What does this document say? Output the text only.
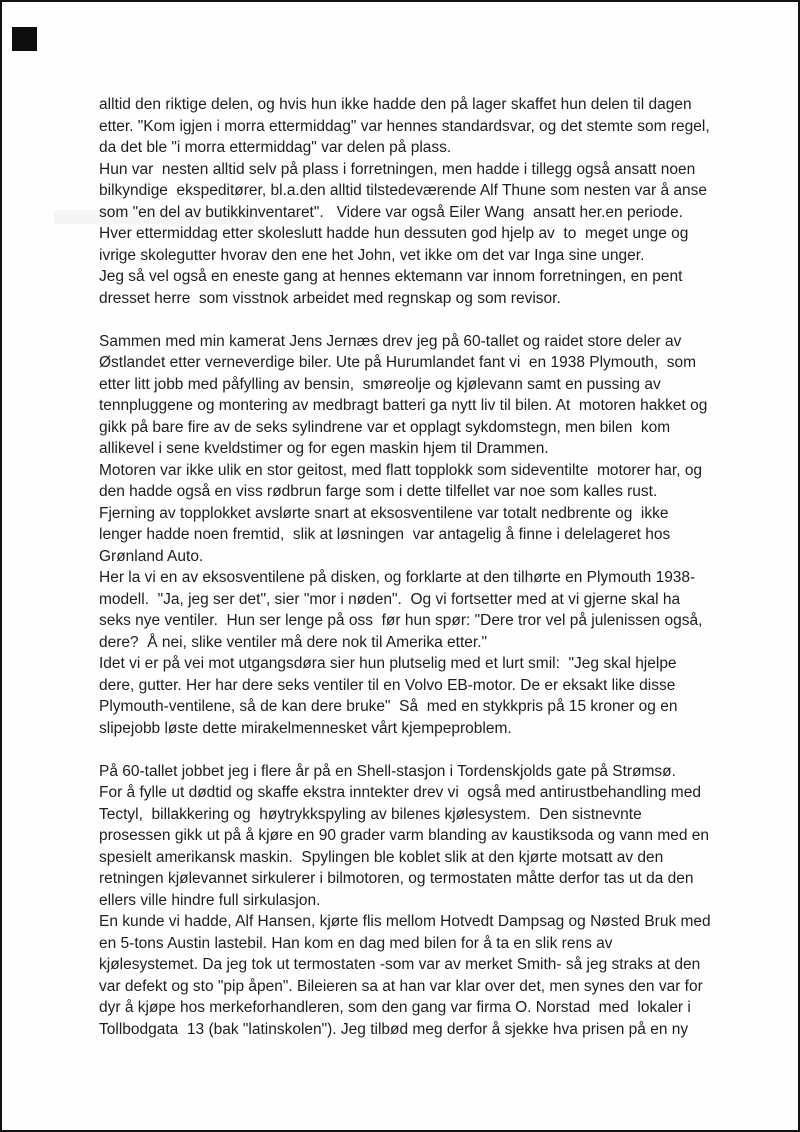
alltid den riktige delen, og hvis hun ikke hadde den på lager skaffet hun delen til dagen
etter. "Kom igjen i morra ettermiddag" var hennes standardsvar, og det stemte som regel,
da det ble "i morra ettermiddag" var delen på plass.
Hun var  nesten alltid selv på plass i forretningen, men hadde i tillegg også ansatt noen
bilkyndige  ekspeditører, bl.a.den alltid tilstedeværende Alf Thune som nesten var å anse
som "en del av butikkinventaret".   Videre var også Eiler Wang  ansatt her.en periode.
Hver ettermiddag etter skoleslutt hadde hun dessuten god hjelp av  to  meget unge og
ivrige skolegutter hvorav den ene het John, vet ikke om det var Inga sine unger.
Jeg så vel også en eneste gang at hennes ektemann var innom forretningen, en pent
dresset herre  som visstnok arbeidet med regnskap og som revisor.
Sammen med min kamerat Jens Jernæs drev jeg på 60-tallet og raidet store deler av
Østlandet etter verneverdige biler. Ute på Hurumlandet fant vi  en 1938 Plymouth,  som
etter litt jobb med påfylling av bensin,  smøreolje og kjølevann samt en pussing av
tennpluggene og montering av medbragt batteri ga nytt liv til bilen. At  motoren hakket og
gikk på bare fire av de seks sylindrene var et opplagt sykdomstegn, men bilen  kom
allikevel i sene kveldstimer og for egen maskin hjem til Drammen.
Motoren var ikke ulik en stor geitost, med flatt topplokk som sideventilte  motorer har, og
den hadde også en viss rødbrun farge som i dette tilfellet var noe som kalles rust.
Fjerning av topplokket avslørte snart at eksosventilene var totalt nedbrente og  ikke
lenger hadde noen fremtid,  slik at løsningen  var antagelig å finne i delelageret hos
Grønland Auto.
Her la vi en av eksosventilene på disken, og forklarte at den tilhørte en Plymouth 1938-
modell.  "Ja, jeg ser det", sier "mor i nøden".  Og vi fortsetter med at vi gjerne skal ha
seks nye ventiler.  Hun ser lenge på oss  før hun spør: "Dere tror vel på julenissen også,
dere?  Å nei, slike ventiler må dere nok til Amerika etter."
Idet vi er på vei mot utgangsdøra sier hun plutselig med et lurt smil:  "Jeg skal hjelpe
dere, gutter. Her har dere seks ventiler til en Volvo EB-motor. De er eksakt like disse
Plymouth-ventilene, så de kan dere bruke"  Så  med en stykkpris på 15 kroner og en
slipejobb løste dette mirakelmennesket vårt kjempeproblem.
På 60-tallet jobbet jeg i flere år på en Shell-stasjon i Tordenskjolds gate på Strømsø.
For å fylle ut dødtid og skaffe ekstra inntekter drev vi  også med antirustbehandling med
Tectyl,  billakkering og  høytrykkspyling av bilenes kjølesystem.  Den sistnevnte
prosessen gikk ut på å kjøre en 90 grader varm blanding av kaustiksoda og vann med en
spesielt amerikansk maskin.  Spylingen ble koblet slik at den kjørte motsatt av den
retningen kjølevannet sirkulerer i bilmotoren, og termostaten måtte derfor tas ut da den
ellers ville hindre full sirkulasjon.
En kunde vi hadde, Alf Hansen, kjørte flis mellom Hotvedt Dampsag og Nøsted Bruk med
en 5-tons Austin lastebil. Han kom en dag med bilen for å ta en slik rens av
kjølesystemet. Da jeg tok ut termostaten -som var av merket Smith- så jeg straks at den
var defekt og sto "pip åpen". Bileieren sa at han var klar over det, men synes den var for
dyr å kjøpe hos merkeforhandleren, som den gang var firma O. Norstad  med  lokaler i
Tollbodgata  13 (bak "latinskolen"). Jeg tilbød meg derfor å sjekke hva prisen på en ny
